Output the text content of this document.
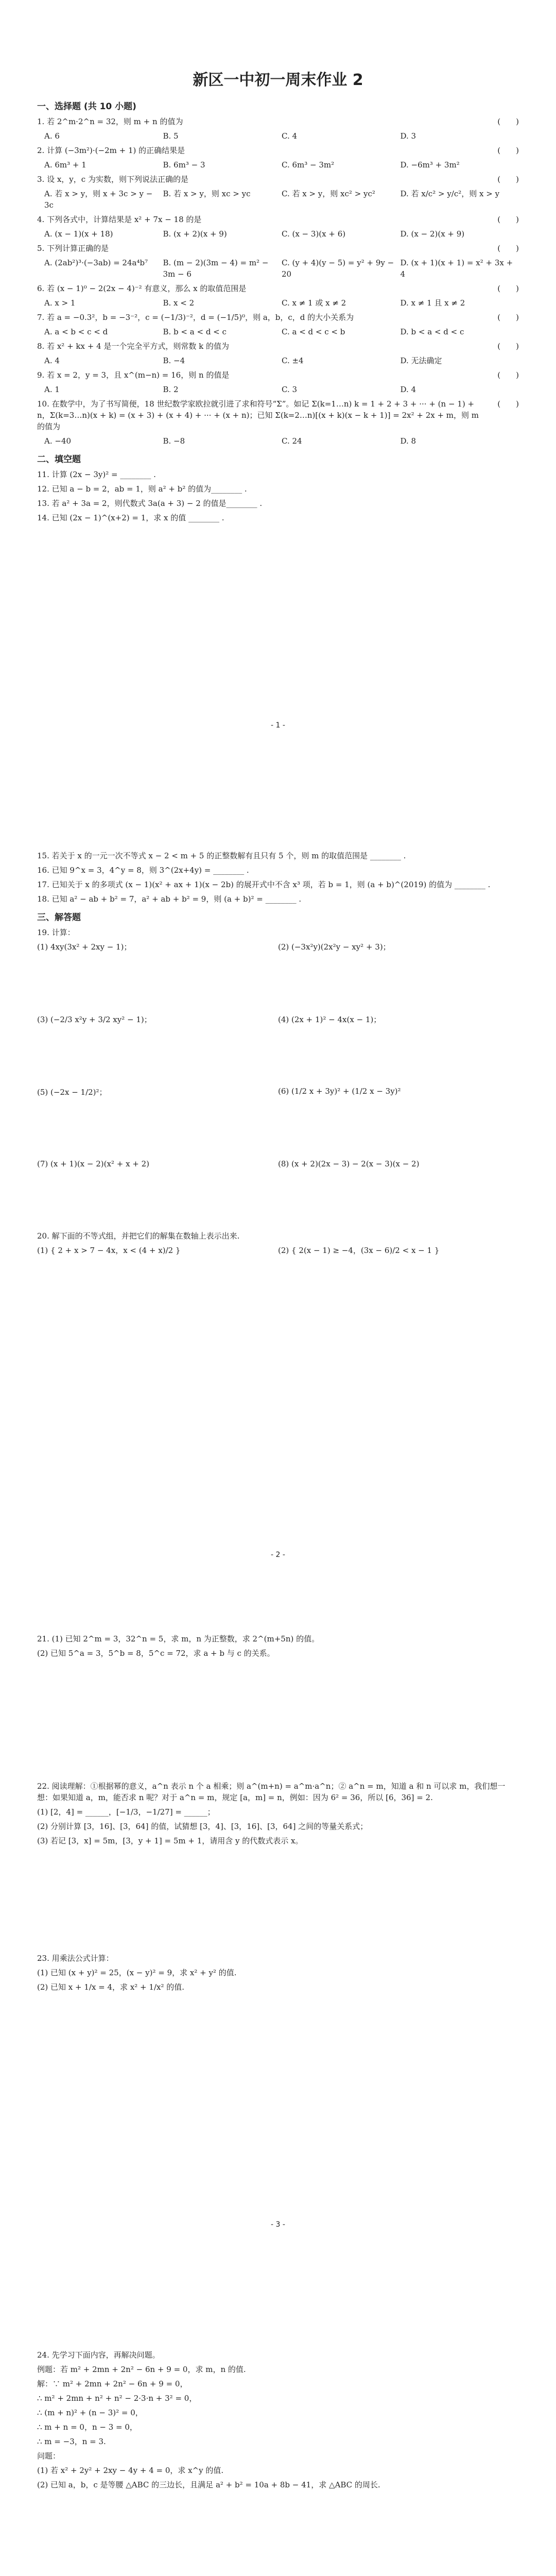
新区一中初一周末作业 2
一、选择题 (共 10 小题)
1. 若 2^m·2^n = 32，则 m + n 的值为	(　　)
A. 6	B. 5	C. 4	D. 3
2. 计算 (−3m²)·(−2m + 1) 的正确结果是	(　　)
A. 6m³ + 1	B. 6m³ − 3	C. 6m³ − 3m²	D. −6m³ + 3m²
3. 设 x，y，c 为实数，则下列说法正确的是	(　　)
A. 若 x > y，则 x + 3c > y − 3c
B. 若 x > y，则 xc > yc	C. 若 x > y，则 xc² > yc²	D. 若 x/c² > y/c²，则 x > y
4. 下列各式中，计算结果是 x² + 7x − 18 的是	(　　)
A. (x − 1)(x + 18)	B. (x + 2)(x + 9)	C. (x − 3)(x + 6)	D. (x − 2)(x + 9)
5. 下列计算正确的是	(　　)
A. (2ab²)³·(−3ab) = 24a⁴b⁷	B. (m − 2)(3m − 4) = m² − 3m − 6
C. (y + 4)(y − 5) = y² + 9y − 20
D. (x + 1)(x + 1) = x² + 3x + 4
6. 若 (x − 1)⁰ − 2(2x − 4)⁻² 有意义，那么 x 的取值范围是	(　　)
A. x > 1	B. x < 2	C. x ≠ 1 或 x ≠ 2	D. x ≠ 1 且 x ≠ 2
7. 若 a = −0.3²，b = −3⁻²，c = (−1/3)⁻²，d = (−1/5)⁰，则 a，b，c，d 的大小关系为	(　　)
A. a < b < c < d	B. b < a < d < c	C. a < d < c < b	D. b < a < d < c
8. 若 x² + kx + 4 是一个完全平方式，则常数 k 的值为	(　　)
A. 4	B. −4	C. ±4	D. 无法确定
9. 若 x = 2，y = 3，且 x^(m−n) = 16，则 n 的值是	(　　)
A. 1	B. 2	C. 3	D. 4
10. 在数学中，为了书写简便，18 世纪数学家欧拉就引进了求和符号“Σ”。如记 Σ(k=1…n) k = 1 + 2 + 3 + ··· + (n − 1) + n，Σ(k=3…n)(x + k) = (x + 3) + (x + 4) + ··· + (x + n)；已知 Σ(k=2…n)[(x + k)(x − k + 1)] = 2x² + 2x + m，则 m 的值为
(　　)
A. −40	B. −8	C. 24	D. 8
二、填空题
11. 计算 (2x − 3y)² = ________ .
12. 已知 a − b = 2，ab = 1，则 a² + b² 的值为________ .
13. 若 a² + 3a = 2，则代数式 3a(a + 3) − 2 的值是________ .
14. 已知 (2x − 1)^(x+2) = 1，求 x 的值 ________ .
- 1 -
15. 若关于 x 的一元一次不等式 x − 2 < m + 5 的正整数解有且只有 5 个，则 m 的取值范围是 ________ .
16. 已知 9^x = 3，4^y = 8，则 3^(2x+4y) = ________ .
17. 已知关于 x 的多项式 (x − 1)(x² + ax + 1)(x − 2b) 的展开式中不含 x³ 项，若 b = 1，则 (a + b)^(2019) 的值为 ________ .
18. 已知 a² − ab + b² = 7，a² + ab + b² = 9，则 (a + b)² = ________ .
三、解答题
19. 计算：
(1) 4xy(3x² + 2xy − 1)；	(2) (−3x²y)(2x²y − xy² + 3)；
(3) (−2/3 x²y + 3/2 xy² − 1)；	(4) (2x + 1)² − 4x(x − 1)；
(5) (−2x − 1/2)²；	(6) (1/2 x + 3y)² + (1/2 x − 3y)²
(7) (x + 1)(x − 2)(x² + x + 2)	(8) (x + 2)(2x − 3) − 2(x − 3)(x − 2)
20. 解下面的不等式组，并把它们的解集在数轴上表示出来.
(1) { 2 + x > 7 − 4x，x < (4 + x)/2 }	(2) { 2(x − 1) ≥ −4，(3x − 6)/2 < x − 1 }
- 2 -
21. (1) 已知 2^m = 3，32^n = 5，求 m，n 为正整数，求 2^(m+5n) 的值。
(2) 已知 5^a = 3，5^b = 8，5^c = 72，求 a + b 与 c 的关系。
22. 阅读理解：①根据幂的意义，a^n 表示 n 个 a 相乘；则 a^(m+n) = a^m·a^n；② a^n = m，知道 a 和 n 可以求 m，我们想一想：如果知道 a，m，能否求 n 呢？对于 a^n = m，规定 [a，m] = n，例如：因为 6² = 36，所以 [6，36] = 2.
(1) [2，4] = ______，[−1/3，−1/27] = ______；
(2) 分别计算 [3，16]、[3，64] 的值，试猜想 [3，4]、[3，16]、[3，64] 之间的等量关系式；
(3) 若记 [3，x] = 5m，[3，y + 1] = 5m + 1，请用含 y 的代数式表示 x。
23. 用乘法公式计算：
(1) 已知 (x + y)² = 25，(x − y)² = 9，求 x² + y² 的值.
(2) 已知 x + 1/x = 4，求 x² + 1/x² 的值.
- 3 -
24. 先学习下面内容，再解决问题。
例题：若 m² + 2mn + 2n² − 6n + 9 = 0，求 m，n 的值.
解：∵ m² + 2mn + 2n² − 6n + 9 = 0，
∴ m² + 2mn + n² + n² − 2·3·n + 3² = 0，
∴ (m + n)² + (n − 3)² = 0，
∴ m + n = 0，n − 3 = 0，
∴ m = −3，n = 3.
问题：
(1) 若 x² + 2y² + 2xy − 4y + 4 = 0，求 x^y 的值.
(2) 已知 a，b，c 是等腰 △ABC 的三边长，且满足 a² + b² = 10a + 8b − 41，求 △ABC 的周长.
